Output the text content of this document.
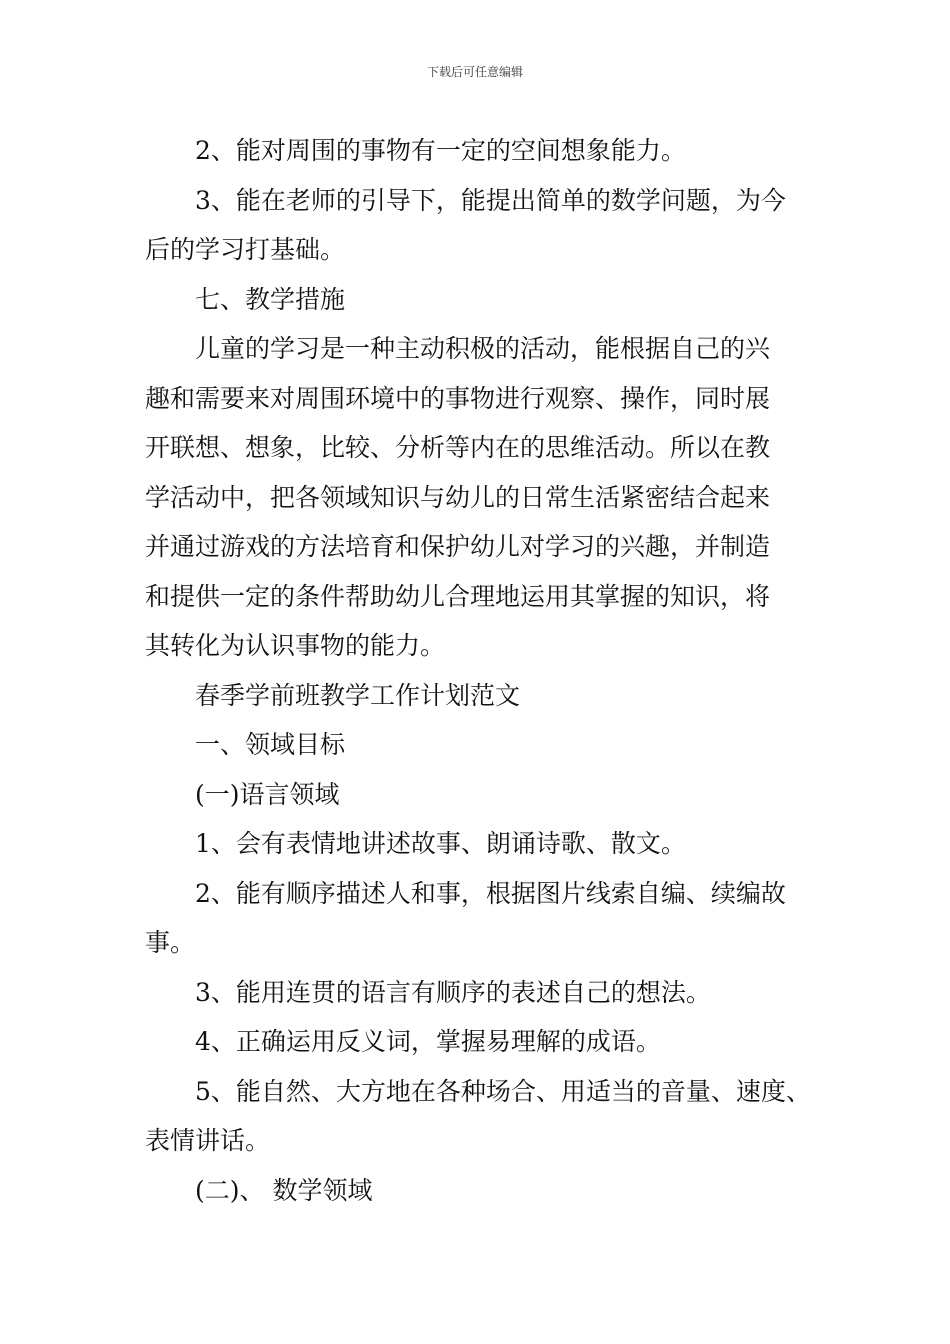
下载后可任意编辑

2、能对周围的事物有一定的空间想象能力。

3、能在老师的引导下，能提出简单的数学问题，为今

后的学习打基础。

七、教学措施

儿童的学习是一种主动积极的活动，能根据自己的兴

趣和需要来对周围环境中的事物进行观察、操作，同时展

开联想、想象，比较、分析等内在的思维活动。所以在教

学活动中，把各领域知识与幼儿的日常生活紧密结合起来

并通过游戏的方法培育和保护幼儿对学习的兴趣，并制造

和提供一定的条件帮助幼儿合理地运用其掌握的知识，将

其转化为认识事物的能力。

春季学前班教学工作计划范文

一、领域目标

(一)语言领域

1、会有表情地讲述故事、朗诵诗歌、散文。

2、能有顺序描述人和事，根据图片线索自编、续编故

事。

3、能用连贯的语言有顺序的表述自己的想法。

4、正确运用反义词，掌握易理解的成语。

5、能自然、大方地在各种场合、用适当的音量、速度、

表情讲话。

(二)、 数学领域
